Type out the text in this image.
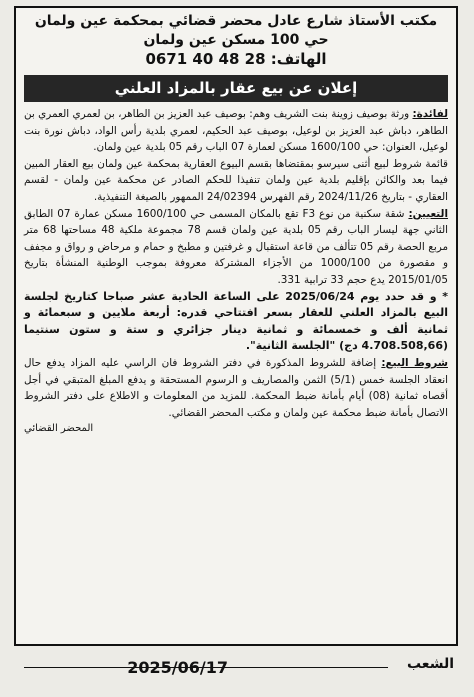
مكتب الأستاذ شارع عادل محضر قضائي بمحكمة عين ولمان
حي 100 مسكن عين ولمان
الهاتف: 28 48 40 0671
إعلان عن بيع عقار بالمزاد العلني

لفائدة: ورثة بوصيف زوينة بنت الشريف وهم: بوصيف عبد العزيز بن الطاهر، بن لعمري العمري بن الطاهر، دباش عبد العزيز بن لوعيل، بوصيف عبد الحكيم، لعمري بلدية رأس الواد، دباش نورة بنت لوعيل، العنوان: حي 1600/100 مسكن لعمارة 07 الباب رقم 05 بلدية عين ولمان.

قائمة شروط لبيع أثنى سيرسو بمقتضاها بقسم البيوع العقارية بمحكمة عين ولمان بيع العقار المبين فيما بعد والكائن بإقليم بلدية عين ولمان تنفيذا للحكم الصادر عن محكمة عين ولمان - لقسم العقاري - بتاريخ 2024/11/26 رقم الفهرس 24/02394 الممهور بالصيغة التنفيذية.

التعيين: شقة سكنية من نوع F3 تقع بالمكان المسمى حي 1600/100 مسكن عمارة 07 الطابق الثاني جهة ليسار الباب رقم 05 بلدية عين ولمان قسم 78 مجموعة ملكية 48 مساحتها 68 متر مربع الحصة رقم 05 تتألف من قاعة استقبال و غرفتين و مطبخ و حمام و مرحاض و رواق و مجفف و مقصورة من 1000/100 من الأجزاء المشتركة معروفة بموجب الوطنية المنشأة بتاريخ 2015/01/05 يدع حجم 33 ترابية 331.

* و قد حدد يوم 2025/06/24 على الساعة الحادية عشر صباحا كتاريخ لجلسة البيع بالمزاد العلني للعقار بسعر افتتاحي قدره: أربعة ملايين و سبعمائة و ثمانية ألف و خمسمائة و ثمانية دينار جزائري و ستة و ستون سنتيما (4.708.508,66 دج) "الجلسة الثانية".

شروط البيع: إضافة للشروط المذكورة في دفتر الشروط فان الراسي عليه المزاد يدفع حال انعقاد الجلسة خمس (5/1) الثمن والمصاريف و الرسوم المستحقة و يدفع المبلغ المتبقي في أجل أقصاه ثمانية (08) أيام بأمانة ضبط المحكمة. للمزيد من المعلومات و الاطلاع على دفتر الشروط الاتصال بأمانة ضبط محكمة عين ولمان و مكتب المحضر القضائي.

المحضر القضائي
الشعب
2025/06/17
